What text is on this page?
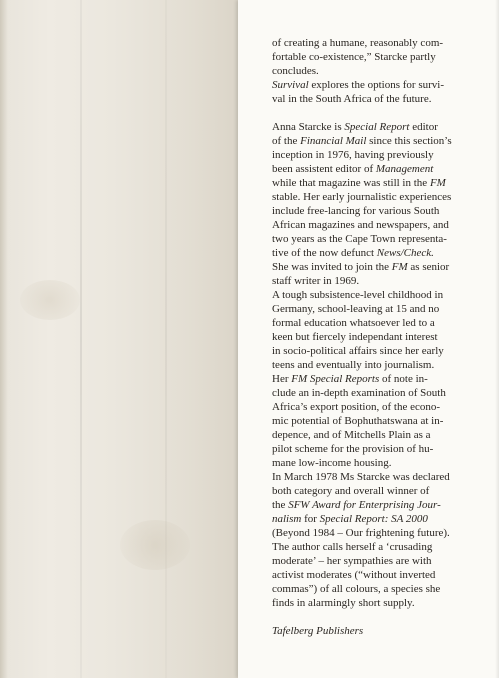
of creating a humane, reasonably com-
fortable co-existence,” Starcke partly
concludes.
Survival explores the options for survi-
val in the South Africa of the future.

Anna Starcke is Special Report editor
of the Financial Mail since this section’s
inception in 1976, having previously
been assistent editor of Management
while that magazine was still in the FM
stable. Her early journalistic experiences
include free-lancing for various South
African magazines and newspapers, and
two years as the Cape Town representa-
tive of the now defunct News/Check.
She was invited to join the FM as senior
staff writer in 1969.

A tough subsistence-level childhood in
Germany, school-leaving at 15 and no
formal education whatsoever led to a
keen but fiercely independant interest
in socio-political affairs since her early
teens and eventually into journalism.

Her FM Special Reports of note in-
clude an in-depth examination of South
Africa’s export position, of the econo-
mic potential of Bophuthatswana at in-
depence, and of Mitchells Plain as a
pilot scheme for the provision of hu-
mane low-income housing.

In March 1978 Ms Starcke was declared
both category and overall winner of
the SFW Award for Enterprising Jour-
nalism for Special Report: SA 2000
(Beyond 1984 – Our frightening future).
The author calls herself a ‘crusading
moderate’ – her sympathies are with
activist moderates (“without inverted
commas”) of all colours, a species she
finds in alarmingly short supply.

Tafelberg Publishers
